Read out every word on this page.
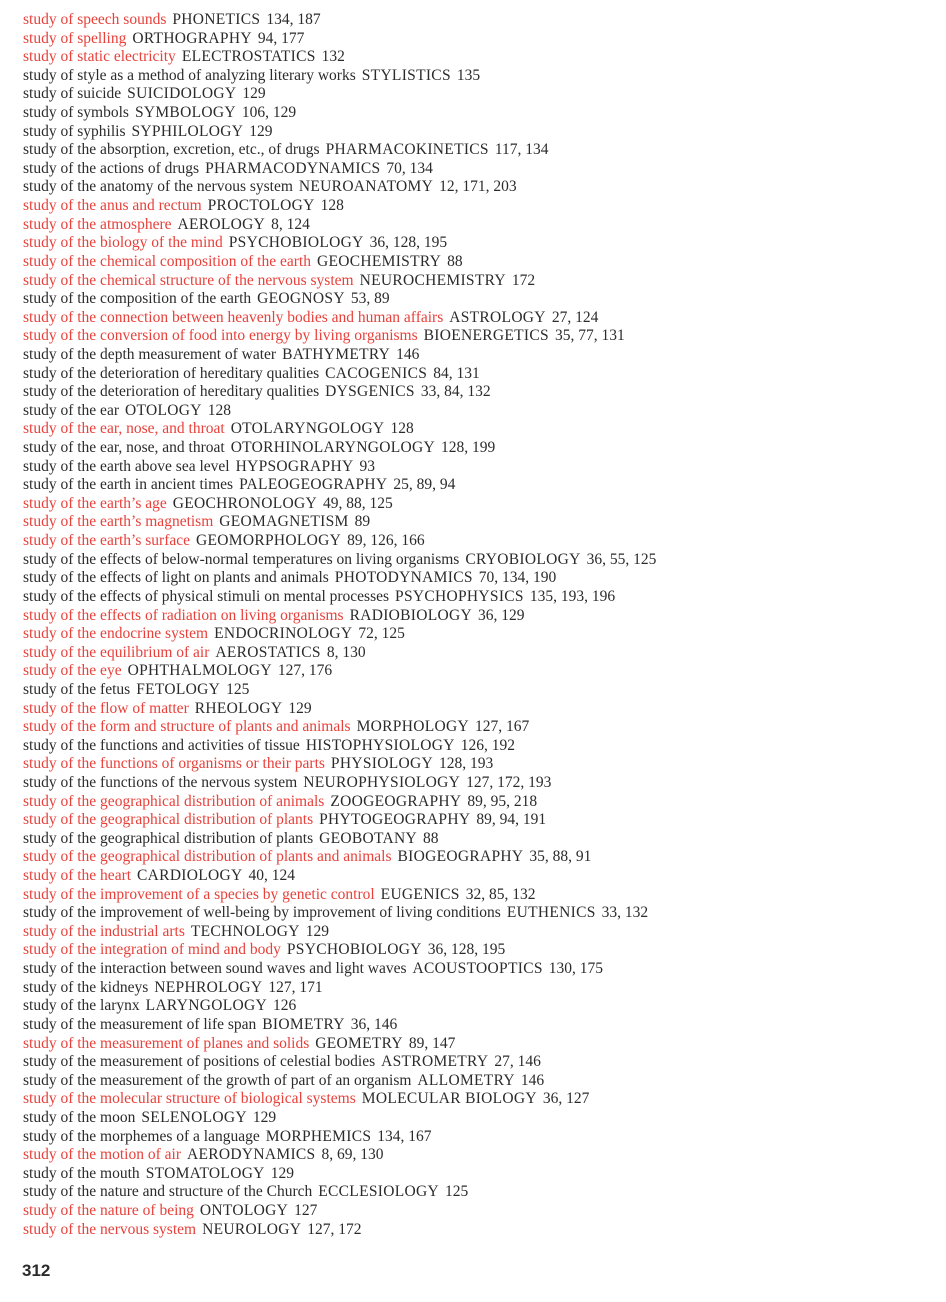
study of speech sounds PHONETICS 134, 187
study of spelling ORTHOGRAPHY 94, 177
study of static electricity ELECTROSTATICS 132
study of style as a method of analyzing literary works STYLISTICS 135
study of suicide SUICIDOLOGY 129
study of symbols SYMBOLOGY 106, 129
study of syphilis SYPHILOLOGY 129
study of the absorption, excretion, etc., of drugs PHARMACOKINETICS 117, 134
study of the actions of drugs PHARMACODYNAMICS 70, 134
study of the anatomy of the nervous system NEUROANATOMY 12, 171, 203
study of the anus and rectum PROCTOLOGY 128
study of the atmosphere AEROLOGY 8, 124
study of the biology of the mind PSYCHOBIOLOGY 36, 128, 195
study of the chemical composition of the earth GEOCHEMISTRY 88
study of the chemical structure of the nervous system NEUROCHEMISTRY 172
study of the composition of the earth GEOGNOSY 53, 89
study of the connection between heavenly bodies and human affairs ASTROLOGY 27, 124
study of the conversion of food into energy by living organisms BIOENERGETICS 35, 77, 131
study of the depth measurement of water BATHYMETRY 146
study of the deterioration of hereditary qualities CACOGENICS 84, 131
study of the deterioration of hereditary qualities DYSGENICS 33, 84, 132
study of the ear OTOLOGY 128
study of the ear, nose, and throat OTOLARYNGOLOGY 128
study of the ear, nose, and throat OTORHINOLARYNGOLOGY 128, 199
study of the earth above sea level HYPSOGRAPHY 93
study of the earth in ancient times PALEOGEOGRAPHY 25, 89, 94
study of the earth’s age GEOCHRONOLOGY 49, 88, 125
study of the earth’s magnetism GEOMAGNETISM 89
study of the earth’s surface GEOMORPHOLOGY 89, 126, 166
study of the effects of below-normal temperatures on living organisms CRYOBIOLOGY 36, 55, 125
study of the effects of light on plants and animals PHOTODYNAMICS 70, 134, 190
study of the effects of physical stimuli on mental processes PSYCHOPHYSICS 135, 193, 196
study of the effects of radiation on living organisms RADIOBIOLOGY 36, 129
study of the endocrine system ENDOCRINOLOGY 72, 125
study of the equilibrium of air AEROSTATICS 8, 130
study of the eye OPHTHALMOLOGY 127, 176
study of the fetus FETOLOGY 125
study of the flow of matter RHEOLOGY 129
study of the form and structure of plants and animals MORPHOLOGY 127, 167
study of the functions and activities of tissue HISTOPHYSIOLOGY 126, 192
study of the functions of organisms or their parts PHYSIOLOGY 128, 193
study of the functions of the nervous system NEUROPHYSIOLOGY 127, 172, 193
study of the geographical distribution of animals ZOOGEOGRAPHY 89, 95, 218
study of the geographical distribution of plants PHYTOGEOGRAPHY 89, 94, 191
study of the geographical distribution of plants GEOBOTANY 88
study of the geographical distribution of plants and animals BIOGEOGRAPHY 35, 88, 91
study of the heart CARDIOLOGY 40, 124
study of the improvement of a species by genetic control EUGENICS 32, 85, 132
study of the improvement of well-being by improvement of living conditions EUTHENICS 33, 132
study of the industrial arts TECHNOLOGY 129
study of the integration of mind and body PSYCHOBIOLOGY 36, 128, 195
study of the interaction between sound waves and light waves ACOUSTOOPTICS 130, 175
study of the kidneys NEPHROLOGY 127, 171
study of the larynx LARYNGOLOGY 126
study of the measurement of life span BIOMETRY 36, 146
study of the measurement of planes and solids GEOMETRY 89, 147
study of the measurement of positions of celestial bodies ASTROMETRY 27, 146
study of the measurement of the growth of part of an organism ALLOMETRY 146
study of the molecular structure of biological systems MOLECULAR BIOLOGY 36, 127
study of the moon SELENOLOGY 129
study of the morphemes of a language MORPHEMICS 134, 167
study of the motion of air AERODYNAMICS 8, 69, 130
study of the mouth STOMATOLOGY 129
study of the nature and structure of the Church ECCLESIOLOGY 125
study of the nature of being ONTOLOGY 127
study of the nervous system NEUROLOGY 127, 172
312
